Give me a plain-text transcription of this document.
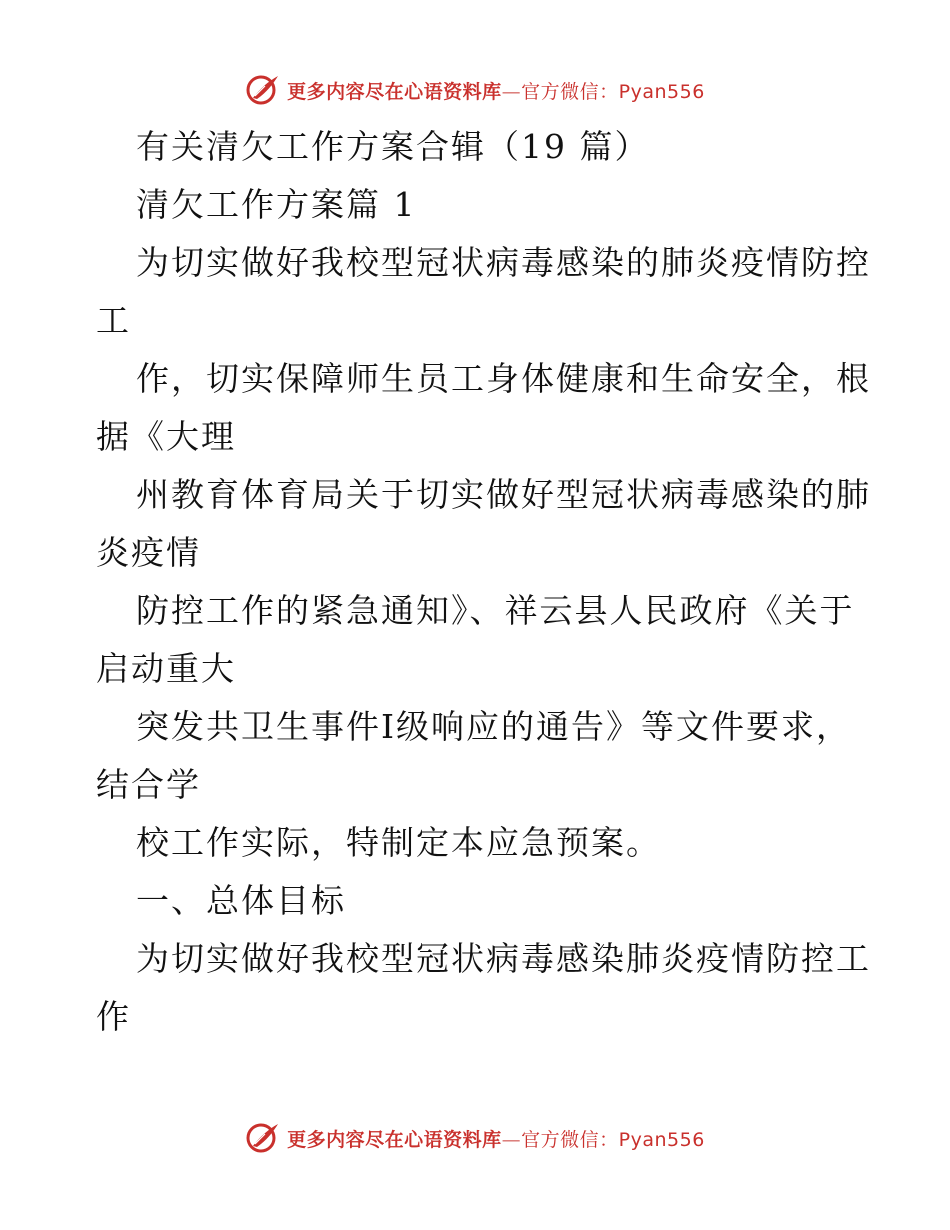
更多内容尽在心语资料库—官方微信：Pyan556
有关清欠工作方案合辑（19 篇）
清欠工作方案篇 1
为切实做好我校型冠状病毒感染的肺炎疫情防控
工
作，切实保障师生员工身体健康和生命安全，根
据《大理
州教育体育局关于切实做好型冠状病毒感染的肺
炎疫情
防控工作的紧急通知》、祥云县人民政府《关于
启动重大
突发共卫生事件Ⅰ级响应的通告》等文件要求，
结合学
校工作实际，特制定本应急预案。
一、总体目标
为切实做好我校型冠状病毒感染肺炎疫情防控工
作
更多内容尽在心语资料库—官方微信：Pyan556
